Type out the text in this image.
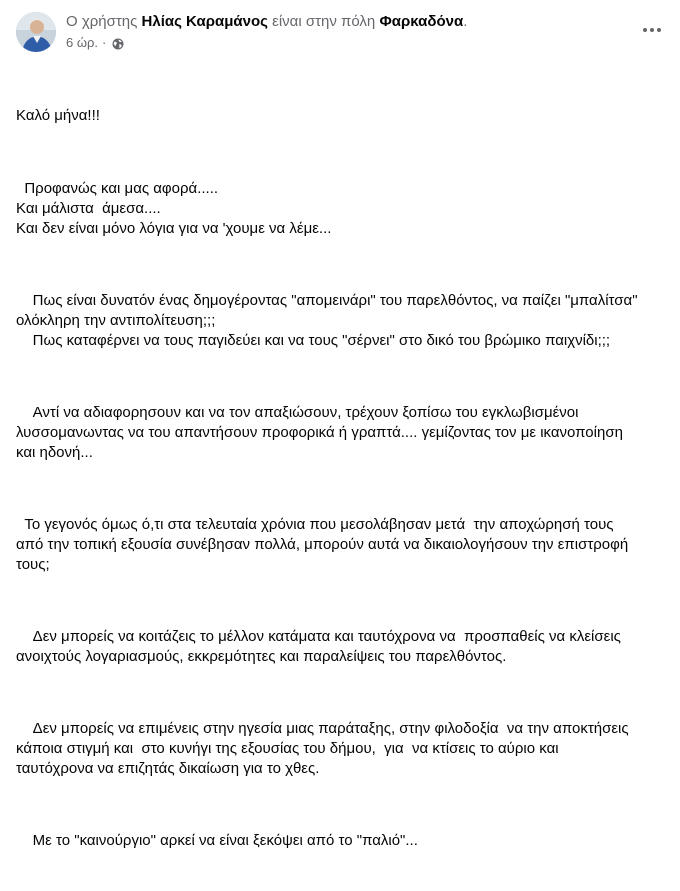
Ο χρήστης Ηλίας Καραμάνος είναι στην πόλη Φαρκαδόνα.
6 ώρ. ·

Καλό μήνα!!!

Προφανώς και μας αφορά.....
Και μάλιστα  άμεσα....
Και δεν είναι μόνο λόγια για να 'χουμε να λέμε...

Πως είναι δυνατόν ένας δημογέροντας "απομεινάρι" του παρελθόντος, να παίζει "μπαλίτσα"
ολόκληρη την αντιπολίτευση;;;
Πως καταφέρνει να τους παγιδεύει και να τους "σέρνει" στο δικό του βρώμικο παιχνίδι;;;

Αντί να αδιαφορησουν και να τον απαξιώσουν, τρέχουν ξοπίσω του εγκλωβισμένοι
λυσσομανωντας να του απαντήσουν προφορικά ή γραπτά.... γεμίζοντας τον με ικανοποίηση
και ηδονή...

Το γεγονός όμως ό,τι στα τελευταία χρόνια που μεσολάβησαν μετά  την αποχώρησή τους
από την τοπική εξουσία συνέβησαν πολλά, μπορούν αυτά να δικαιολογήσουν την επιστροφή
τους;

Δεν μπορείς να κοιτάζεις το μέλλον κατάματα και ταυτόχρονα να  προσπαθείς να κλείσεις
ανοιχτούς λογαριασμούς, εκκρεμότητες και παραλείψεις του παρελθόντος.

Δεν μπορείς να επιμένεις στην ηγεσία μιας παράταξης, στην φιλοδοξία  να την αποκτήσεις
κάποια στιγμή και  στο κυνήγι της εξουσίας του δήμου,  για  να κτίσεις το αύριο και
ταυτόχρονα να επιζητάς δικαίωση για το χθες.

Με το "καινούργιο" αρκεί να είναι ξεκόψει από το "παλιό"...
